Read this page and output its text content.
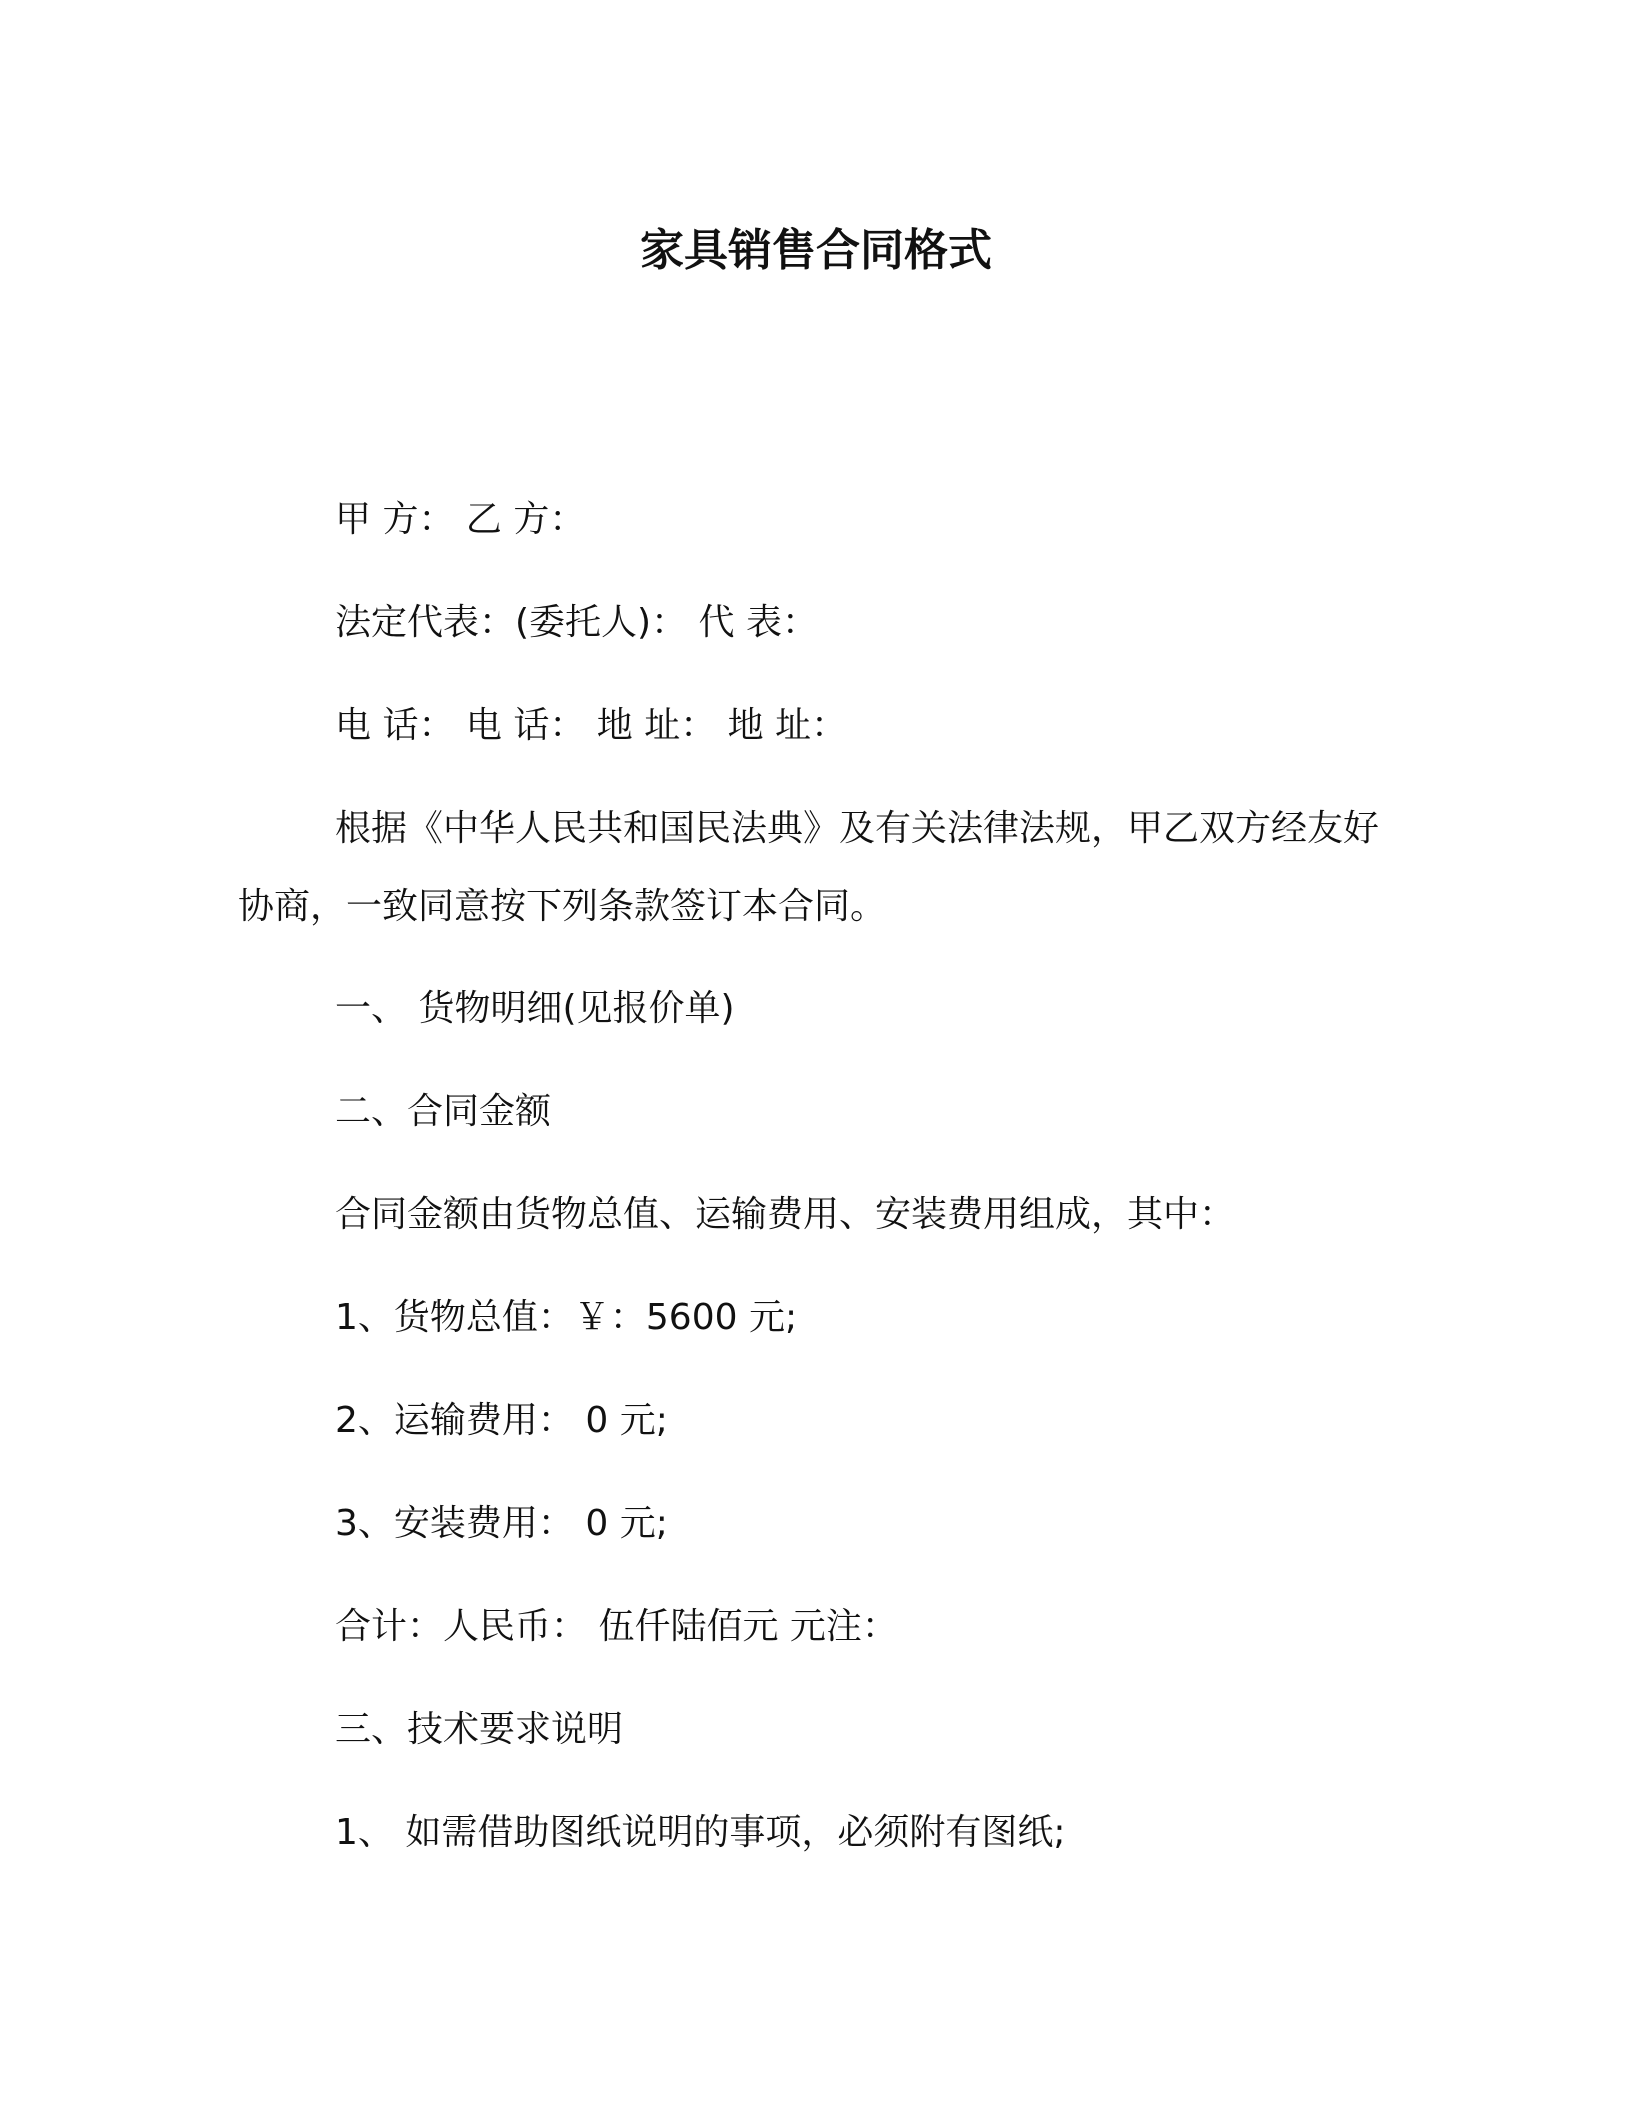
家具销售合同格式

甲 方： 乙 方：

法定代表：(委托人)： 代 表：

电 话： 电 话： 地 址： 地 址：

根据《中华人民共和国民法典》及有关法律法规，甲乙双方经友好协商，一致同意按下列条款签订本合同。

一、 货物明细(见报价单)

二、合同金额

合同金额由货物总值、运输费用、安装费用组成，其中：

1、货物总值：￥：5600 元;

2、运输费用： 0 元;

3、安装费用： 0 元;

合计：人民币： 伍仟陆佰元 元注：

三、技术要求说明

1、 如需借助图纸说明的事项，必须附有图纸;
